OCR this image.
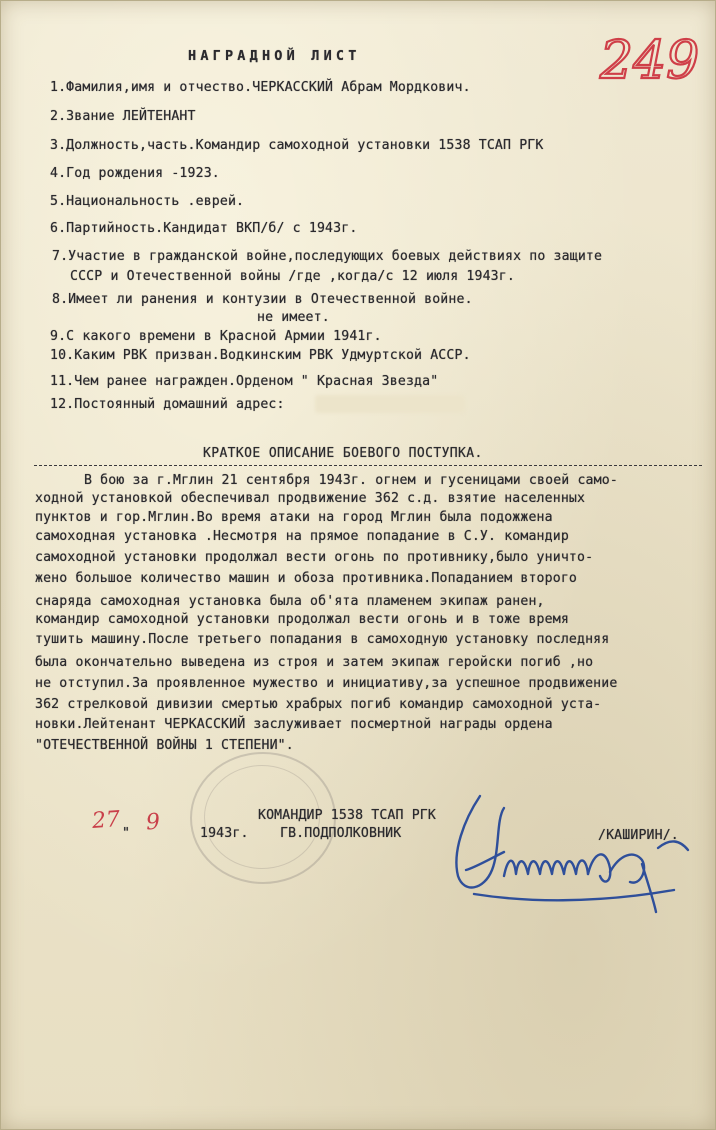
249
НАГРАДНОЙ ЛИСТ
1.Фамилия,имя и отчество.ЧЕРКАССКИЙ Абрам Мордкович.
2.Звание ЛЕЙТЕНАНТ
3.Должность,часть.Командир самоходной установки 1538 ТСАП РГК
4.Год рождения -1923.
5.Национальность .еврей.
6.Партийность.Кандидат ВКП/б/ с 1943г.
7.Участие в гражданской войне,последующих боевых действиях по защите
СССР и Отечественной войны /где ,когда/с 12 июля 1943г.
8.Имеет ли ранения и контузии в Отечественной войне.
не имеет.
9.С какого времени в Красной Армии 1941г.
10.Каким РВК призван.Водкинским РВК Удмуртской АССР.
11.Чем ранее награжден.Орденом " Красная Звезда"
12.Постоянный домашний адрес:
КРАТКОЕ ОПИСАНИЕ БОЕВОГО ПОСТУПКА.
В бою за г.Мглин 21 сентября 1943г. огнем и гусеницами своей само-
ходной установкой обеспечивал продвижение 362 с.д. взятие населенных
пунктов и гор.Мглин.Во время атаки на город Мглин была подожжена
самоходная установка .Несмотря на прямое попадание в С.У. командир
самоходной установки продолжал вести огонь по противнику,было уничто-
жено большое количество машин и обоза противника.Попаданием второго
снаряда самоходная установка была об'ята пламенем экипаж ранен,
командир самоходной установки продолжал вести огонь и в тоже время
тушить машину.После третьего попадания в самоходную установку последняя
была окончательно выведена из строя и затем экипаж геройски погиб ,но
не отступил.За проявленное мужество и инициативу,за успешное продвижение
362 стрелковой дивизии смертью храбрых погиб командир самоходной уста-
новки.Лейтенант ЧЕРКАССКИЙ заслуживает посмертной награды ордена
"ОТЕЧЕСТВЕННОЙ ВОЙНЫ 1 СТЕПЕНИ".
27 9
"	1943г.
КОМАНДИР 1538 ТСАП РГК
ГВ.ПОДПОЛКОВНИК	/КАШИРИН/.
